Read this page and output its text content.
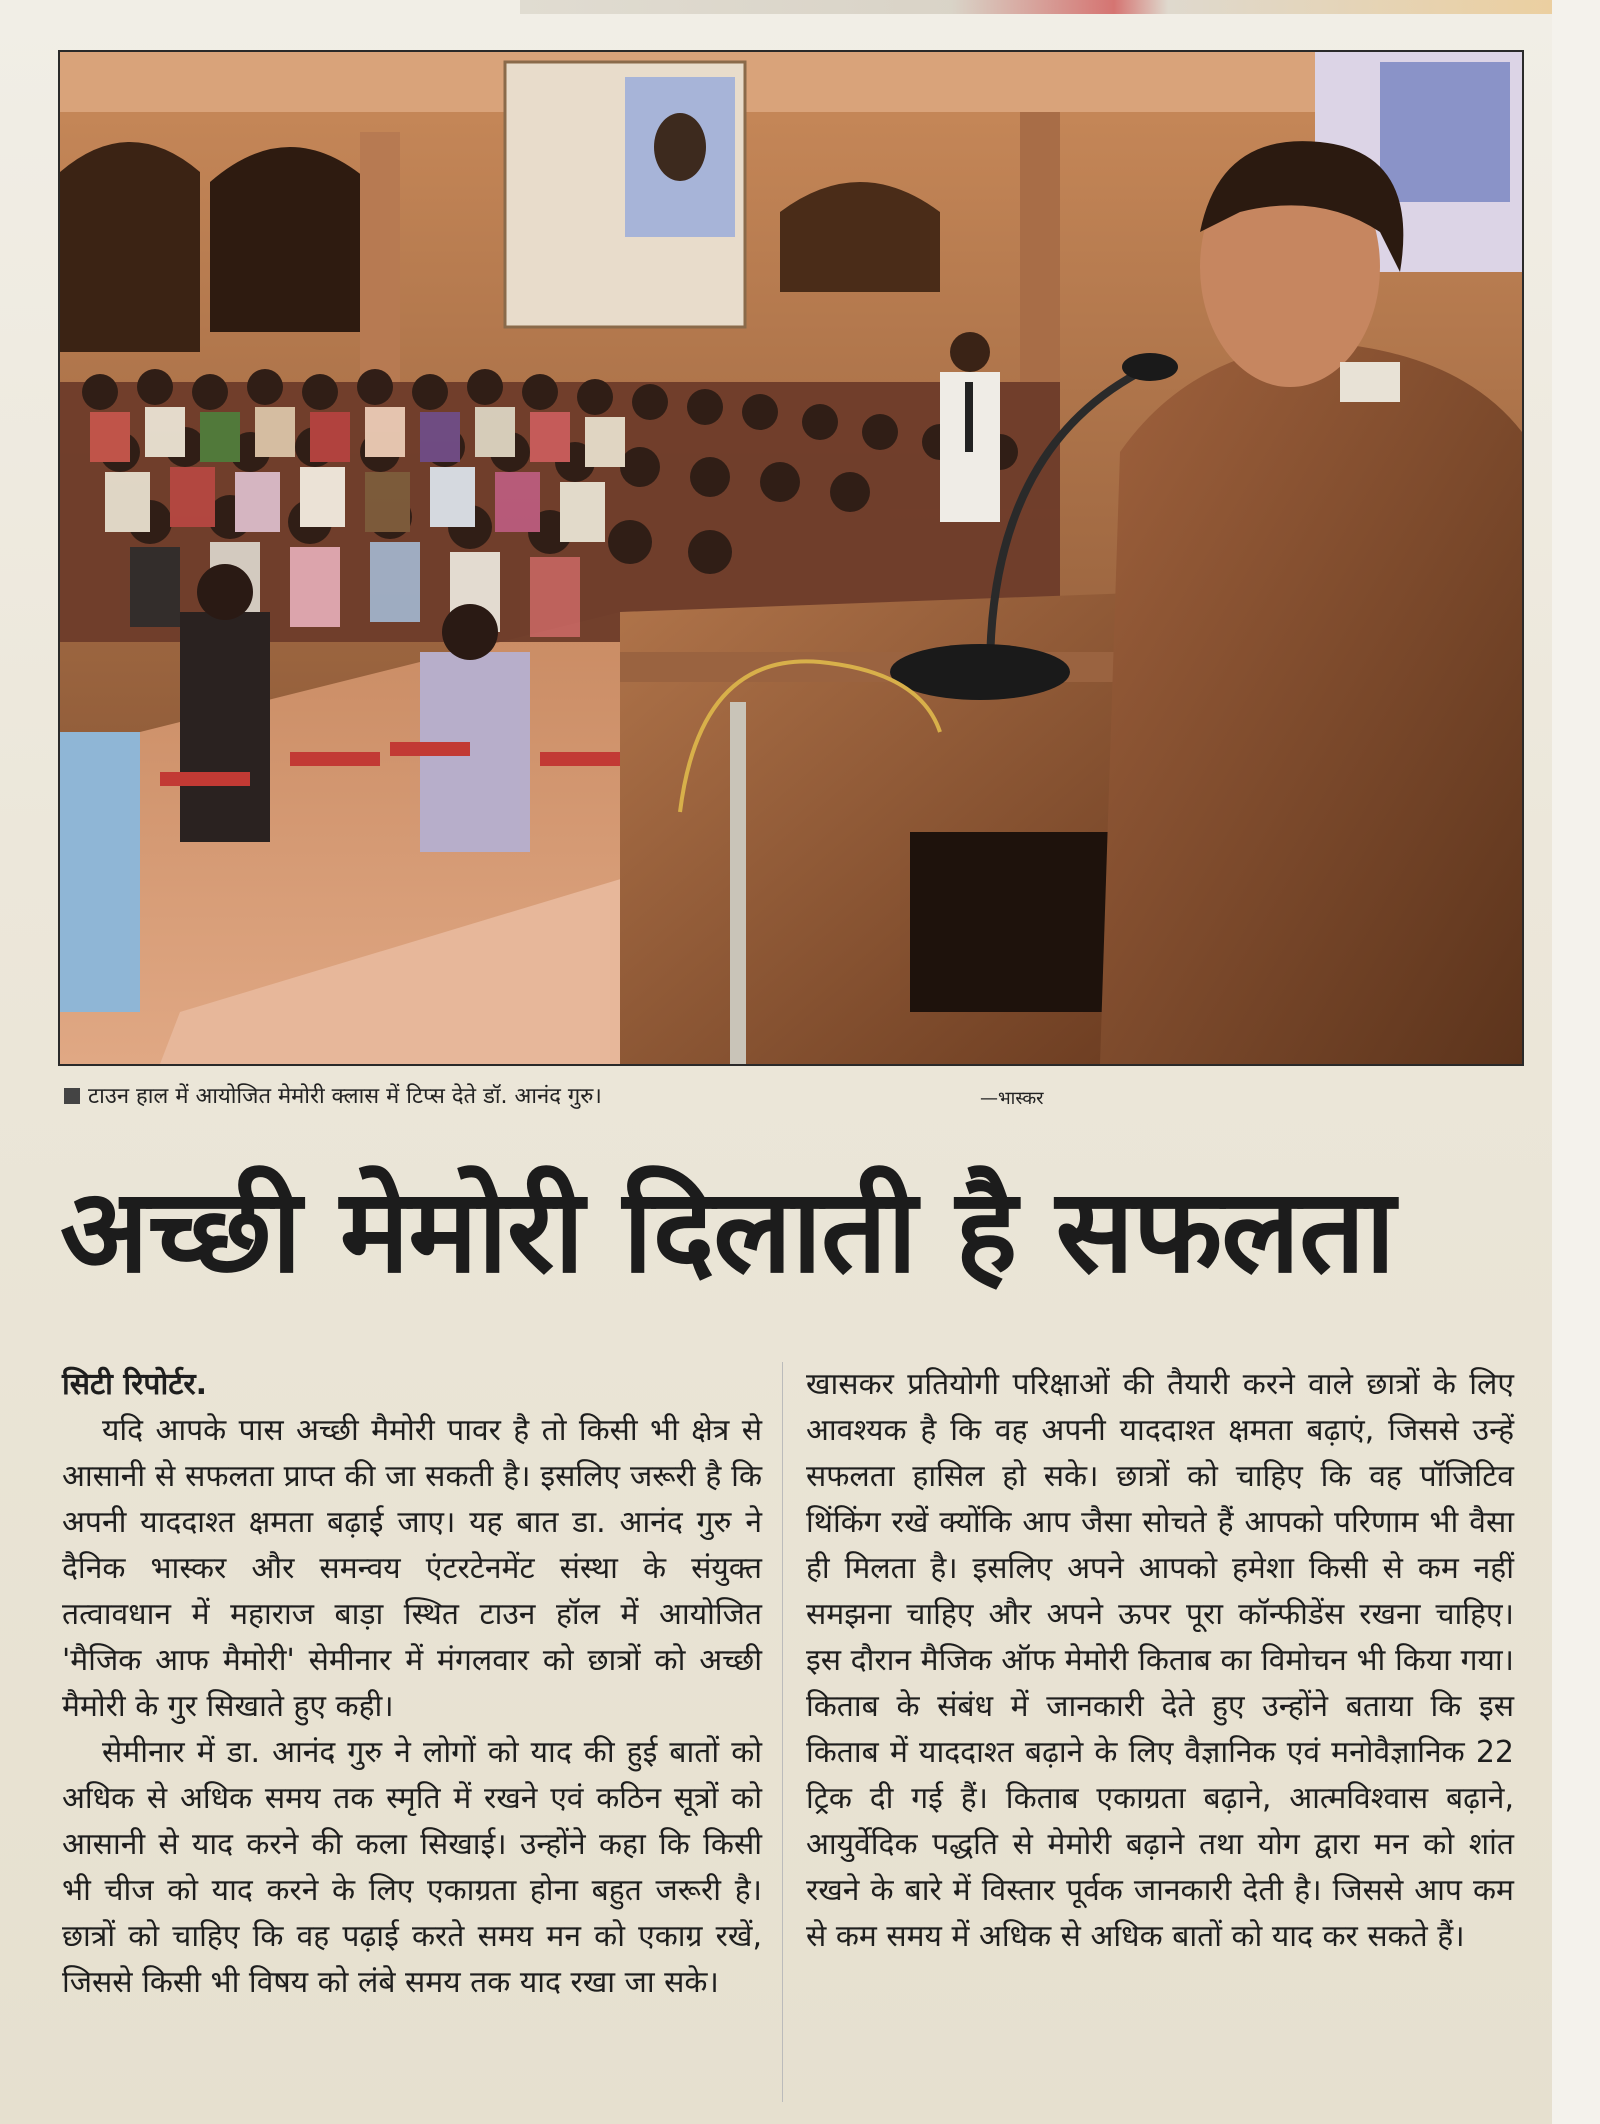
टाउन हाल में आयोजित मेमोरी क्लास में टिप्स देते डॉ. आनंद गुरु।	—भास्कर
अच्छी मेमोरी दिलाती है सफलता

सिटी रिपोर्टर.

यदि आपके पास अच्छी मैमोरी पावर है तो किसी भी क्षेत्र से आसानी से सफलता प्राप्त की जा सकती है। इसलिए जरूरी है कि अपनी याददाश्त क्षमता बढ़ाई जाए। यह बात डा. आनंद गुरु ने दैनिक भास्कर और समन्वय एंटरटेनमेंट संस्था के संयुक्त तत्वावधान में महाराज बाड़ा स्थित टाउन हॉल में आयोजित 'मैजिक आफ मैमोरी' सेमीनार में मंगलवार को छात्रों को अच्छी मैमोरी के गुर सिखाते हुए कही।

सेमीनार में डा. आनंद गुरु ने लोगों को याद की हुई बातों को अधिक से अधिक समय तक स्मृति में रखने एवं कठिन सूत्रों को आसानी से याद करने की कला सिखाई। उन्होंने कहा कि किसी भी चीज को याद करने के लिए एकाग्रता होना बहुत जरूरी है। छात्रों को चाहिए कि वह पढ़ाई करते समय मन को एकाग्र रखें, जिससे किसी भी विषय को लंबे समय तक याद रखा जा सके।

खासकर प्रतियोगी परिक्षाओं की तैयारी करने वाले छात्रों के लिए आवश्यक है कि वह अपनी याददाश्त क्षमता बढ़ाएं, जिससे उन्हें सफलता हासिल हो सके। छात्रों को चाहिए कि वह पॉजिटिव थिंकिंग रखें क्योंकि आप जैसा सोचते हैं आपको परिणाम भी वैसा ही मिलता है। इसलिए अपने आपको हमेशा किसी से कम नहीं समझना चाहिए और अपने ऊपर पूरा कॉन्फीडेंस रखना चाहिए। इस दौरान मैजिक ऑफ मेमोरी किताब का विमोचन भी किया गया। किताब के संबंध में जानकारी देते हुए उन्होंने बताया कि इस किताब में याददाश्त बढ़ाने के लिए वैज्ञानिक एवं मनोवैज्ञानिक 22 ट्रिक दी गई हैं। किताब एकाग्रता बढ़ाने, आत्मविश्वास बढ़ाने, आयुर्वेदिक पद्धति से मेमोरी बढ़ाने तथा योग द्वारा मन को शांत रखने के बारे में विस्तार पूर्वक जानकारी देती है। जिससे आप कम से कम समय में अधिक से अधिक बातों को याद कर सकते हैं।
